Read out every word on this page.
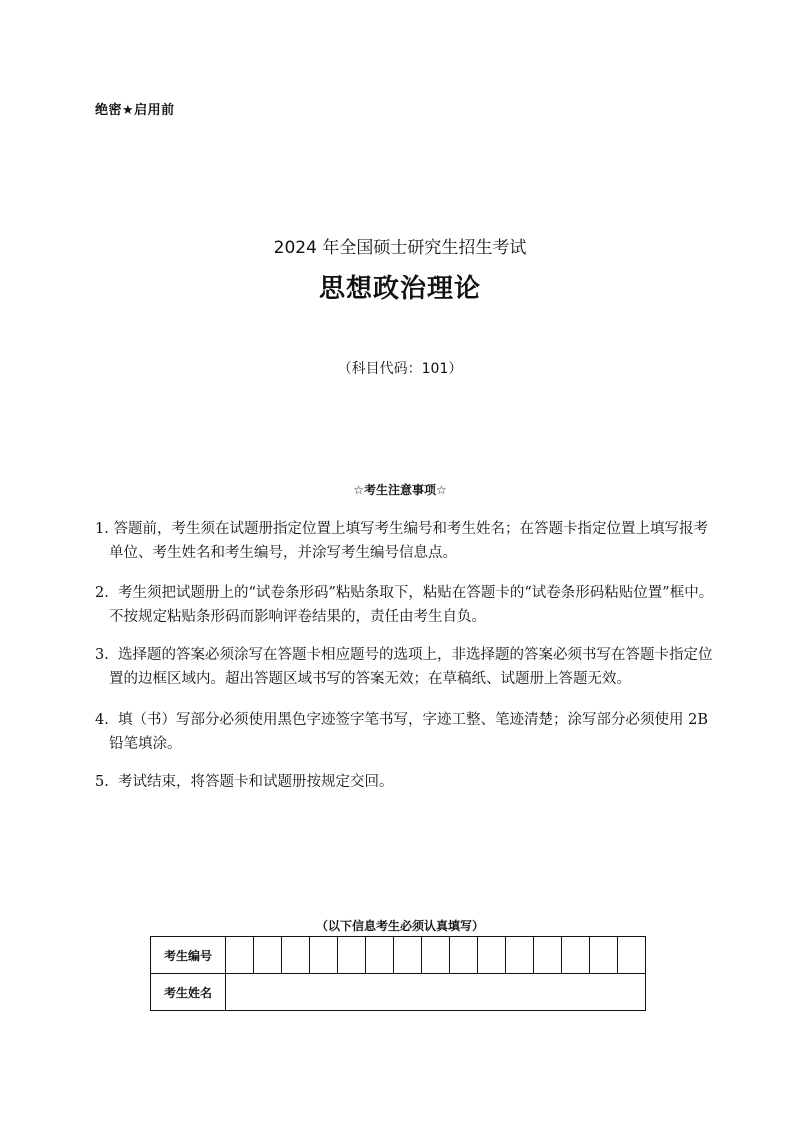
绝密★启用前
2024 年全国硕士研究生招生考试
思想政治理论
（科目代码：101）
☆考生注意事项☆
1. 答题前，考生须在试题册指定位置上填写考生编号和考生姓名；在答题卡指定位置上填写报考单位、考生姓名和考生编号，并涂写考生编号信息点。
2.  考生须把试题册上的“试卷条形码”粘贴条取下，粘贴在答题卡的“试卷条形码粘贴位置”框中。不按规定粘贴条形码而影响评卷结果的，责任由考生自负。
3.  选择题的答案必须涂写在答题卡相应题号的选项上，非选择题的答案必须书写在答题卡指定位置的边框区域内。超出答题区域书写的答案无效；在草稿纸、试题册上答题无效。
4.  填（书）写部分必须使用黑色字迹签字笔书写，字迹工整、笔迹清楚；涂写部分必须使用 2B 铅笔填涂。
5.  考试结束，将答题卡和试题册按规定交回。
（以下信息考生必须认真填写）
考生编号															
考生姓名															
